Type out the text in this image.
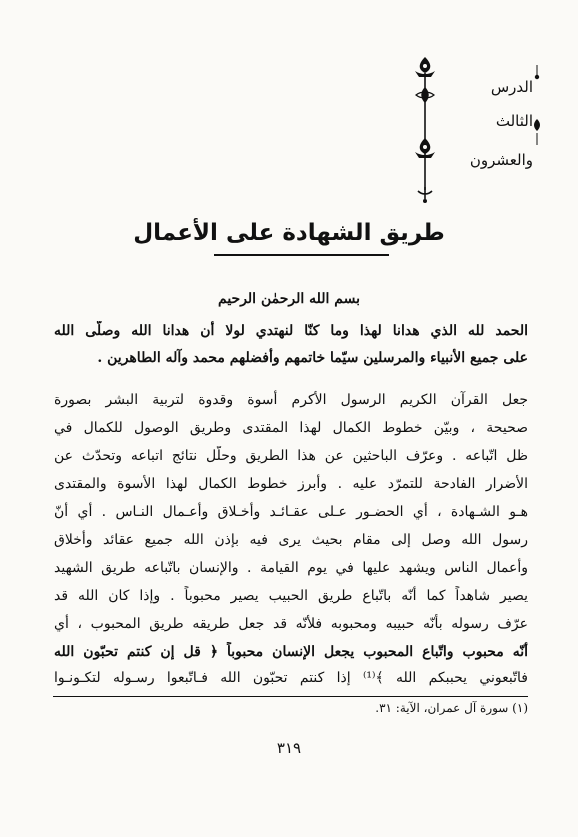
الدرس
الثالث
والعشرون
طريق الشهادة على الأعمال
بسم الله الرحمٰن الرحيم
الحمد لله الذي هدانا لهذا وما كنّا لنهتدي لولا أن هدانا الله وصلّى الله
على جميع الأنبياء والمرسلين سيّما خاتمهم وأفضلهم محمد وآله الطاهرين .
جعل القرآن الكريم الرسول الأكرم أسوة وقدوة لتربية البشر بصورة
صحيحة ، وبيّن خطوط الكمال لهذا المقتدى وطريق الوصول للكمال في
ظل اتّباعه . وعرّف الباحثين عن هذا الطريق وحلّل نتائج اتباعه وتحدّث عن
الأضرار الفادحة للتمرّد عليه . وأبرز خطوط الكمال لهذا الأسوة والمقتدى
هـو الشـهادة ، أي الحضـور عـلى عقـائـد وأخـلاق وأعـمال النـاس . أي أنّ
رسول الله وصل إلى مقام بحيث يرى فيه بإذن الله جميع عقائد وأخلاق
وأعمال الناس ويشهد عليها في يوم القيامة . والإنسان باتّباعه طريق الشهيد
يصير شاهداً كما أنّه باتّباع طريق الحبيب يصير محبوباً . وإذا كان الله قد
عرّف رسوله بأنّه حبيبه ومحبوبه فلأنّه قد جعل طريقه طريق المحبوب ، أي
أنّه محبوب واتّباع المحبوب يجعل الإنسان محبوباً ﴿ قل إن كنتم تحبّون الله
فاتّبعوني يحببكم الله ﴾⁽¹⁾ إذا كنتم تحبّون الله فـاتّبعوا رسـوله لتكـونـوا
(١) سورة آل عمران، الآية: ٣١.
٣١٩
